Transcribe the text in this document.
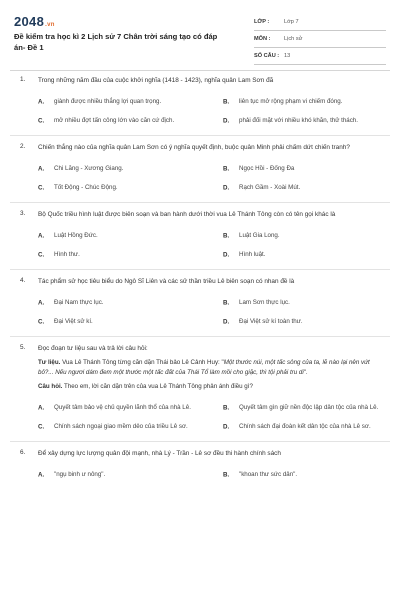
2048.vn
Đề kiểm tra học kì 2 Lịch sử 7 Chân trời sáng tạo có đáp án- Đề 1
LỚP :	Lớp 7
MÔN :	Lịch sử
SỐ CÂU : 13
1. Trong những năm đầu của cuộc khởi nghĩa (1418 - 1423), nghĩa quân Lam Sơn đã
A. giành được nhiều thắng lợi quan trọng.	B. liên tục mở rộng phạm vi chiếm đóng.
C. mở nhiều đợt tấn công lớn vào căn cứ địch.	D. phải đối mặt với nhiều khó khăn, thử thách.
2. Chiến thắng nào của nghĩa quân Lam Sơn có ý nghĩa quyết định, buộc quân Minh phải chấm dứt chiến tranh?
A. Chi Lăng - Xương Giang.	B. Ngọc Hồi - Đống Đa
C. Tốt Động - Chúc Động.	D. Rạch Gầm - Xoài Mút.
3. Bộ Quốc triều hình luật được biên soạn và ban hành dưới thời vua Lê Thánh Tông còn có tên gọi khác là
A. Luật Hồng Đức.	B. Luật Gia Long.
C. Hình thư.	D. Hình luật.
4. Tác phẩm sử học tiêu biểu do Ngô Sĩ Liên và các sử thần triều Lê biên soạn có nhan đề là
A. Đại Nam thực lục.	B. Lam Sơn thực lục.
C. Đại Việt sử kí.	D. Đại Việt sử kí toàn thư.
5. Đọc đoạn tư liệu sau và trả lời câu hỏi:
Tư liệu. Vua Lê Thánh Tông từng căn dặn Thái bảo Lê Cảnh Huy: "Một thước núi, một tấc sông của ta, lẽ nào lại nên vứt bỏ?... Nếu ngươi dám đem một thước một tấc đất của Thái Tổ làm mồi cho giặc, thì tội phải tru di".
Câu hỏi. Theo em, lời căn dặn trên của vua Lê Thánh Tông phản ánh điều gì?
A. Quyết tâm bảo vệ chủ quyền lãnh thổ của nhà Lê.	B. Quyết tâm gìn giữ nền độc lập dân tộc của nhà Lê.
C. Chính sách ngoại giao mềm dẻo của triều Lê sơ.	D. Chính sách đại đoàn kết dân tộc của nhà Lê sơ.
6. Để xây dựng lực lượng quân đội mạnh, nhà Lý - Trần - Lê sơ đều thi hành chính sách
A. "ngụ binh ư nông".	B. "khoan thư sức dân".
